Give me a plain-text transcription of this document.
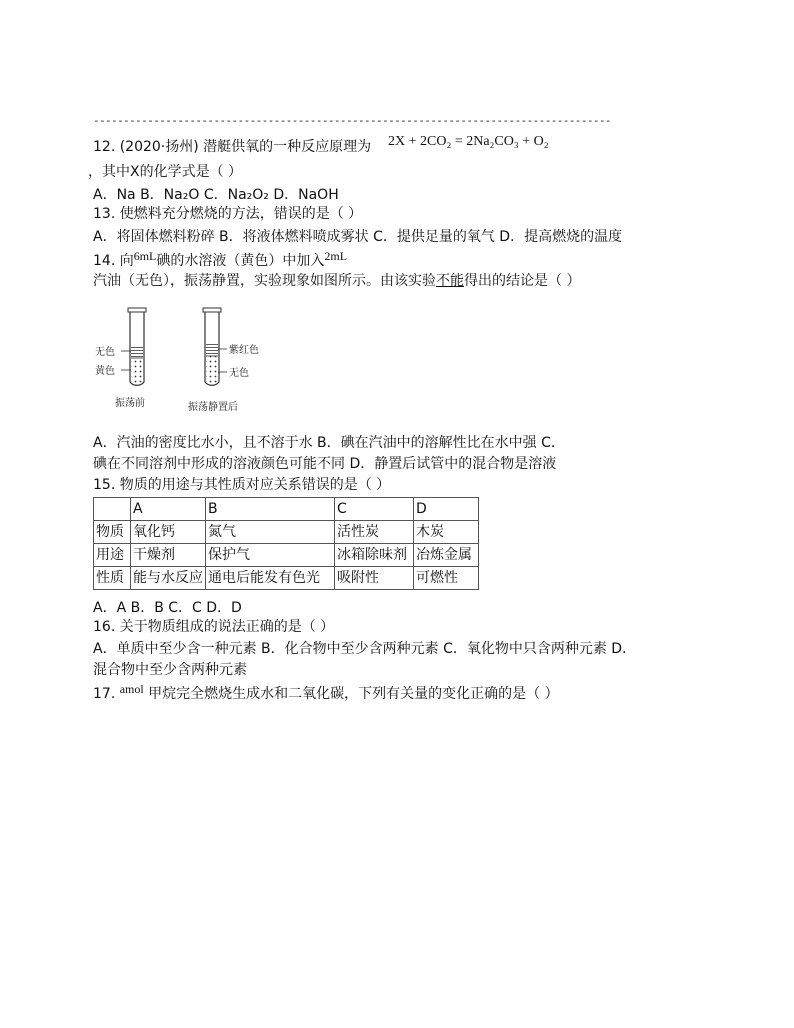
--------------------------------------------------------------------------------------
12. (2020·扬州) 潜艇供氧的一种反应原理为 2X + 2CO₂ = 2Na₂CO₃ + O₂
，其中X的化学式是（ ）
A．Na B．Na₂O C．Na₂O₂ D．NaOH
13. 使燃料充分燃烧的方法，错误的是（ ）
A．将固体燃料粉碎 B．将液体燃料喷成雾状 C．提供足量的氧气 D．提高燃烧的温度
14. 向6mL碘的水溶液（黄色）中加入2mL
汽油（无色），振荡静置，实验现象如图所示。由该实验不能得出的结论是（ ）
无色
黄色
振荡前
紫红色
无色
振荡静置后
A．汽油的密度比水小，且不溶于水 B．碘在汽油中的溶解性比在水中强 C．
碘在不同溶剂中形成的溶液颜色可能不同 D．静置后试管中的混合物是溶液
15. 物质的用途与其性质对应关系错误的是（ ）
	A	B	C	D
物质	氧化钙	氮气	活性炭	木炭
用途	干燥剂	保护气	冰箱除味剂	冶炼金属
性质	能与水反应	通电后能发有色光	吸附性	可燃性
A．A B．B C．C D．D
16. 关于物质组成的说法正确的是（ ）
A．单质中至少含一种元素 B．化合物中至少含两种元素 C．氧化物中只含两种元素 D．
混合物中至少含两种元素
17. amol 甲烷完全燃烧生成水和二氧化碳，下列有关量的变化正确的是（ ）
